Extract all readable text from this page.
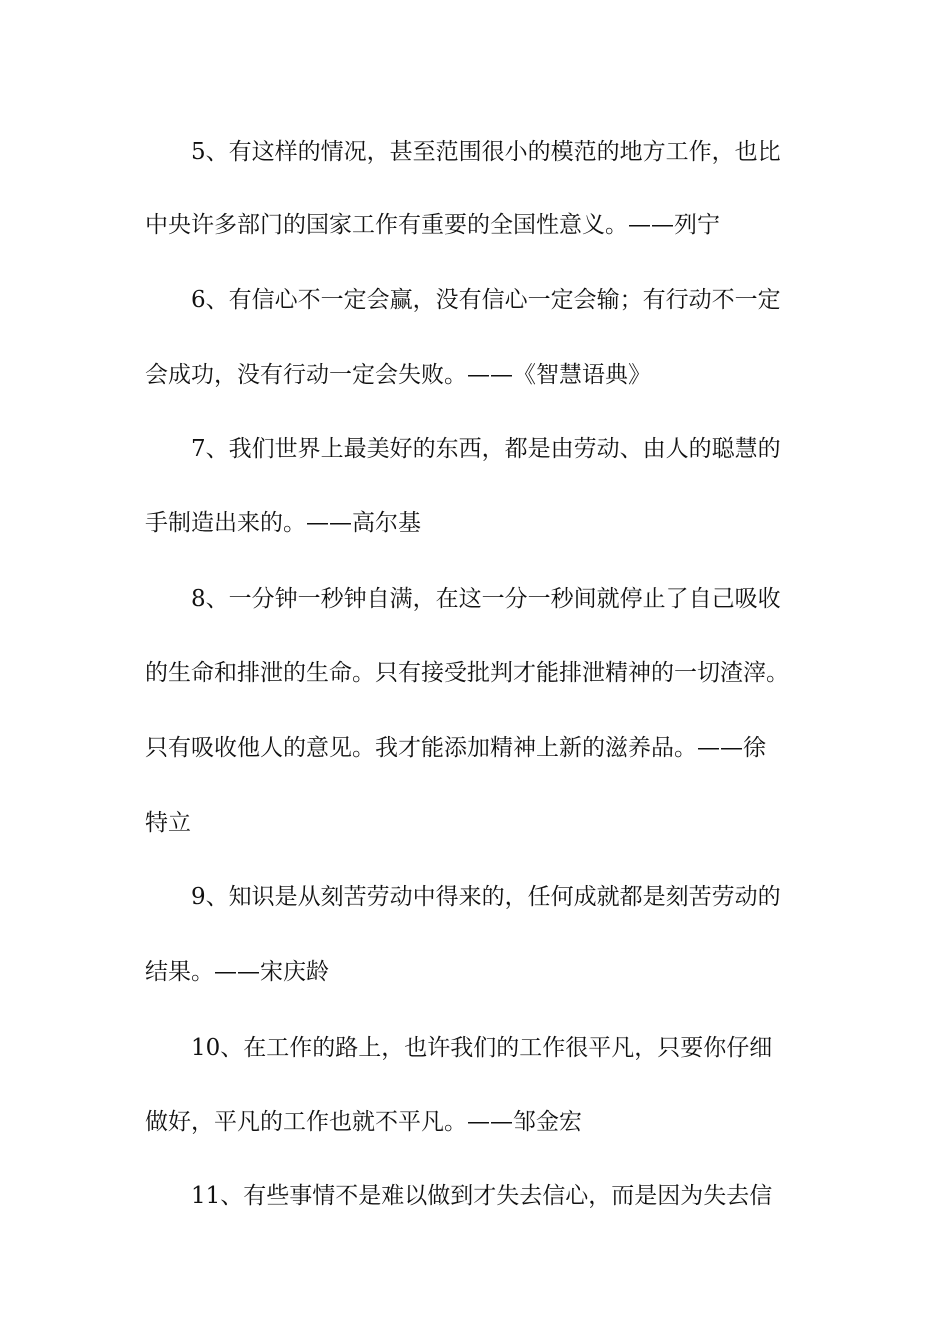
5、有这样的情况，甚至范围很小的模范的地方工作，也比
中央许多部门的国家工作有重要的全国性意义。——列宁
6、有信心不一定会赢，没有信心一定会输；有行动不一定
会成功，没有行动一定会失败。——《智慧语典》
7、我们世界上最美好的东西，都是由劳动、由人的聪慧的
手制造出来的。——高尔基
8、一分钟一秒钟自满，在这一分一秒间就停止了自己吸收
的生命和排泄的生命。只有接受批判才能排泄精神的一切渣滓。
只有吸收他人的意见。我才能添加精神上新的滋养品。——徐
特立
9、知识是从刻苦劳动中得来的，任何成就都是刻苦劳动的
结果。——宋庆龄
10、在工作的路上，也许我们的工作很平凡，只要你仔细
做好，平凡的工作也就不平凡。——邹金宏
11、有些事情不是难以做到才失去信心，而是因为失去信
